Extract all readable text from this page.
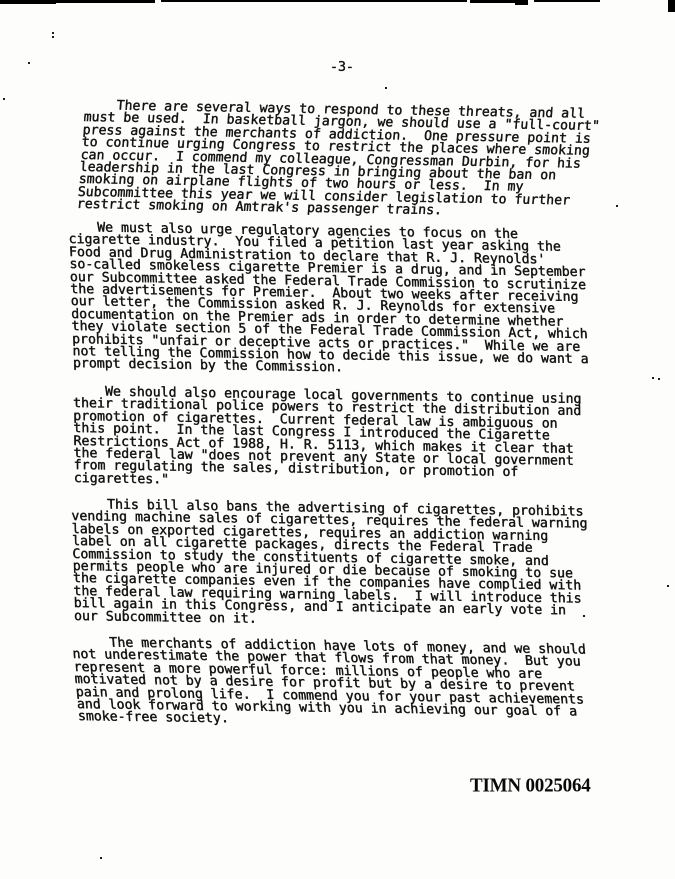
-3-
There are several ways to respond to these threats, and all
must be used.  In basketball jargon, we should use a "full-court"
press against the merchants of addiction.  One pressure point is
to continue urging Congress to restrict the places where smoking
can occur.  I commend my colleague, Congressman Durbin, for his
leadership in the last Congress in bringing about the ban on
smoking on airplane flights of two hours or less.  In my
Subcommittee this year we will consider legislation to further
restrict smoking on Amtrak's passenger trains.
We must also urge regulatory agencies to focus on the
cigarette industry.  You filed a petition last year asking the
Food and Drug Administration to declare that R. J. Reynolds'
so-called smokeless cigarette Premier is a drug, and in September
our Subcommittee asked the Federal Trade Commission to scrutinize
the advertisements for Premier.  About two weeks after receiving
our letter, the Commission asked R. J. Reynolds for extensive
documentation on the Premier ads in order to determine whether
they violate section 5 of the Federal Trade Commission Act, which
prohibits "unfair or deceptive acts or practices."  While we are
not telling the Commission how to decide this issue, we do want a
prompt decision by the Commission.
We should also encourage local governments to continue using
their traditional police powers to restrict the distribution and
promotion of cigarettes.  Current federal law is ambiguous on
this point.  In the last Congress I introduced the Cigarette
Restrictions Act of 1988, H. R. 5113, which makes it clear that
the federal law "does not prevent any State or local government
from regulating the sales, distribution, or promotion of
cigarettes."
This bill also bans the advertising of cigarettes, prohibits
vending machine sales of cigarettes, requires the federal warning
labels on exported cigarettes, requires an addiction warning
label on all cigarette packages, directs the Federal Trade
Commission to study the constituents of cigarette smoke, and
permits people who are injured or die because of smoking to sue
the cigarette companies even if the companies have complied with
the federal law requiring warning labels.  I will introduce this
bill again in this Congress, and I anticipate an early vote in
our Subcommittee on it.
The merchants of addiction have lots of money, and we should
not underestimate the power that flows from that money.  But you
represent a more powerful force: millions of people who are
motivated not by a desire for profit but by a desire to prevent
pain and prolong life.  I commend you for your past achievements
and look forward to working with you in achieving our goal of a
smoke-free society.
TIMN 0025064
